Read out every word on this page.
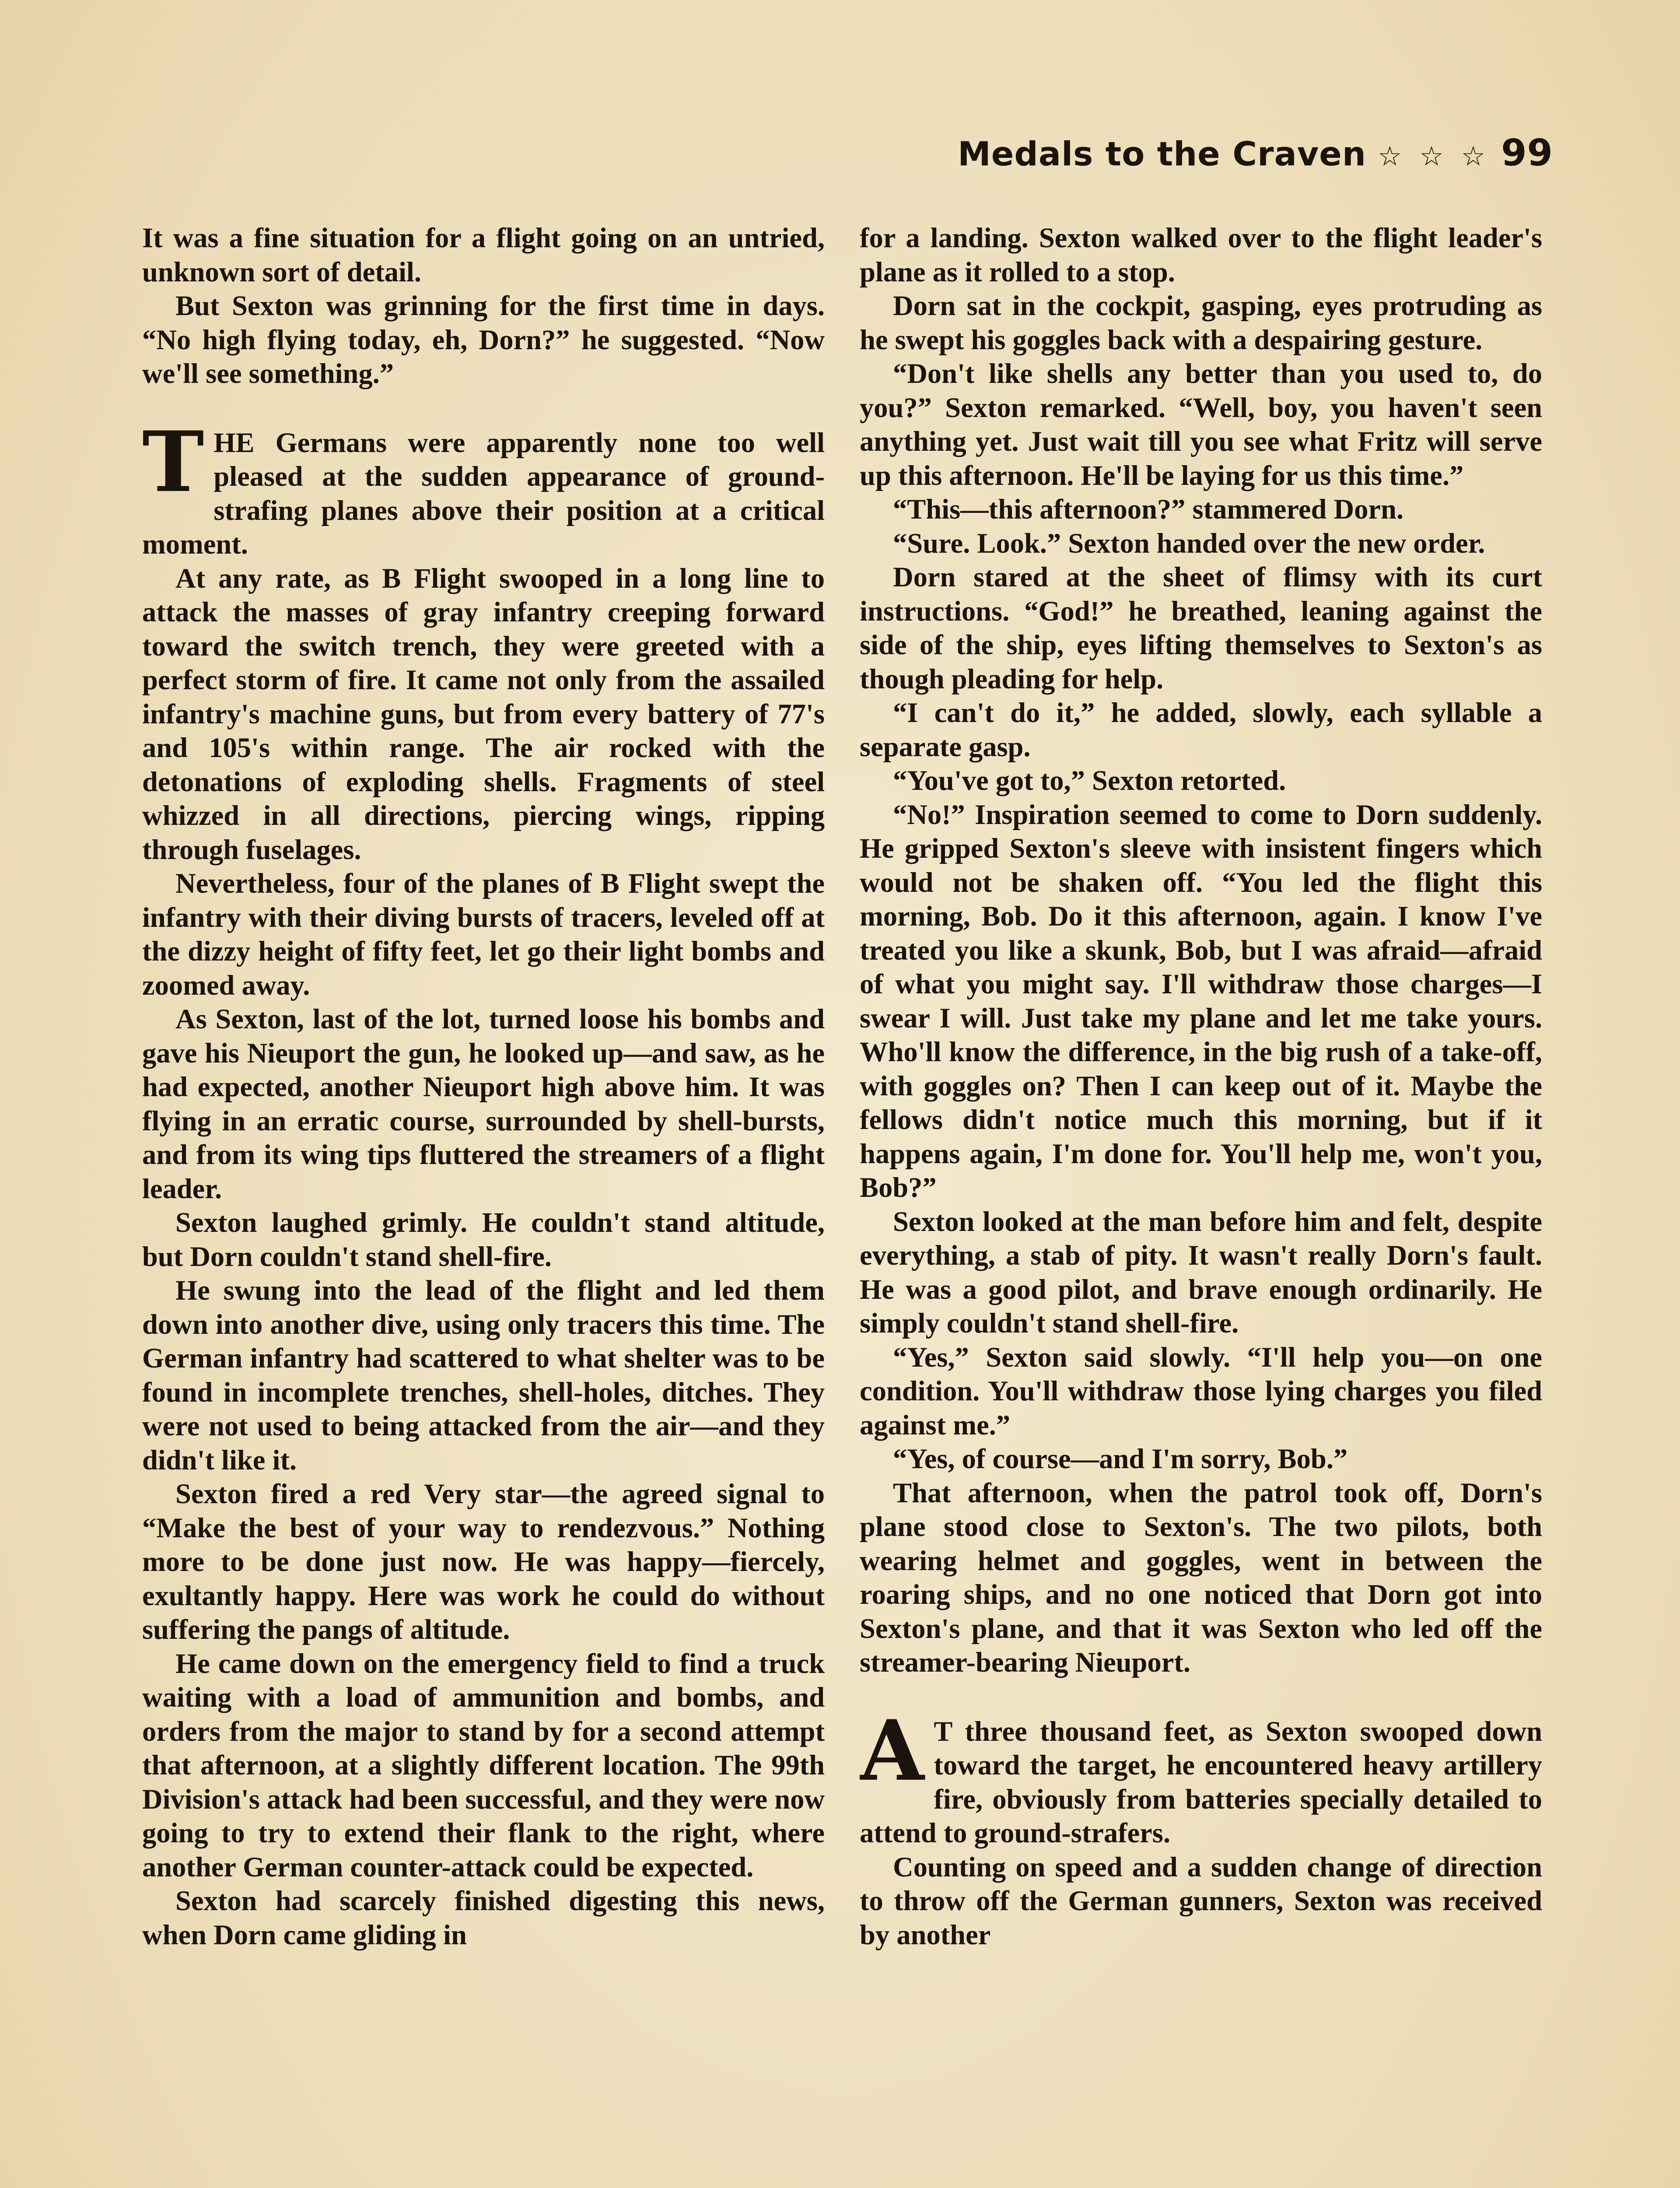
Medals to the Craven ☆ ☆ ☆ 99

It was a fine situation for a flight going on an untried, unknown sort of detail.

But Sexton was grinning for the first time in days. “No high flying today, eh, Dorn?” he suggested. “Now we'll see something.”

THE Germans were apparently none too well pleased at the sudden appearance of ground-strafing planes above their position at a critical moment.

At any rate, as B Flight swooped in a long line to attack the masses of gray infantry creeping forward toward the switch trench, they were greeted with a perfect storm of fire. It came not only from the assailed infantry's machine guns, but from every battery of 77's and 105's within range. The air rocked with the detonations of exploding shells. Fragments of steel whizzed in all directions, piercing wings, ripping through fuselages.

Nevertheless, four of the planes of B Flight swept the infantry with their diving bursts of tracers, leveled off at the dizzy height of fifty feet, let go their light bombs and zoomed away.

As Sexton, last of the lot, turned loose his bombs and gave his Nieuport the gun, he looked up—and saw, as he had expected, another Nieuport high above him. It was flying in an erratic course, surrounded by shell-bursts, and from its wing tips fluttered the streamers of a flight leader.

Sexton laughed grimly. He couldn't stand altitude, but Dorn couldn't stand shell-fire.

He swung into the lead of the flight and led them down into another dive, using only tracers this time. The German infantry had scattered to what shelter was to be found in incomplete trenches, shell-holes, ditches. They were not used to being attacked from the air—and they didn't like it.

Sexton fired a red Very star—the agreed signal to “Make the best of your way to rendezvous.” Nothing more to be done just now. He was happy—fiercely, exultantly happy. Here was work he could do without suffering the pangs of altitude.

He came down on the emergency field to find a truck waiting with a load of ammunition and bombs, and orders from the major to stand by for a second attempt that afternoon, at a slightly different location. The 99th Division's attack had been successful, and they were now going to try to extend their flank to the right, where another German counter-attack could be expected.

Sexton had scarcely finished digesting this news, when Dorn came gliding in

for a landing. Sexton walked over to the flight leader's plane as it rolled to a stop.

Dorn sat in the cockpit, gasping, eyes protruding as he swept his goggles back with a despairing gesture.

“Don't like shells any better than you used to, do you?” Sexton remarked. “Well, boy, you haven't seen anything yet. Just wait till you see what Fritz will serve up this afternoon. He'll be laying for us this time.”

“This—this afternoon?” stammered Dorn.

“Sure. Look.” Sexton handed over the new order.

Dorn stared at the sheet of flimsy with its curt instructions. “God!” he breathed, leaning against the side of the ship, eyes lifting themselves to Sexton's as though pleading for help.

“I can't do it,” he added, slowly, each syllable a separate gasp.

“You've got to,” Sexton retorted.

“No!” Inspiration seemed to come to Dorn suddenly. He gripped Sexton's sleeve with insistent fingers which would not be shaken off. “You led the flight this morning, Bob. Do it this afternoon, again. I know I've treated you like a skunk, Bob, but I was afraid—afraid of what you might say. I'll withdraw those charges—I swear I will. Just take my plane and let me take yours. Who'll know the difference, in the big rush of a take-off, with goggles on? Then I can keep out of it. Maybe the fellows didn't notice much this morning, but if it happens again, I'm done for. You'll help me, won't you, Bob?”

Sexton looked at the man before him and felt, despite everything, a stab of pity. It wasn't really Dorn's fault. He was a good pilot, and brave enough ordinarily. He simply couldn't stand shell-fire.

“Yes,” Sexton said slowly. “I'll help you—on one condition. You'll withdraw those lying charges you filed against me.”

“Yes, of course—and I'm sorry, Bob.”

That afternoon, when the patrol took off, Dorn's plane stood close to Sexton's. The two pilots, both wearing helmet and goggles, went in between the roaring ships, and no one noticed that Dorn got into Sexton's plane, and that it was Sexton who led off the streamer-bearing Nieuport.

A T three thousand feet, as Sexton swooped down toward the target, he encountered heavy artillery fire, obviously from batteries specially detailed to attend to ground-strafers.

Counting on speed and a sudden change of direction to throw off the German gunners, Sexton was received by another
